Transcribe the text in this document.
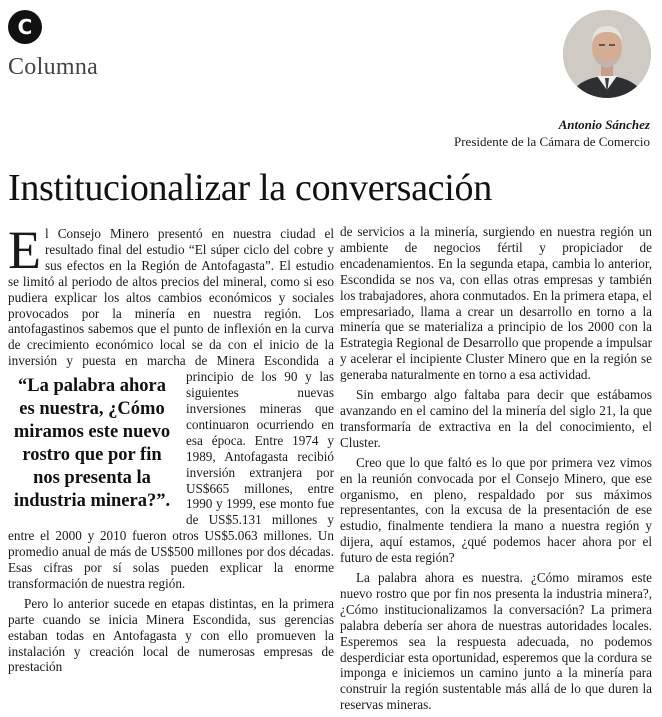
C
Columna
Antonio Sánchez
Presidente de la Cámara de Comercio
Institucionalizar la conversación

El Consejo Minero presentó en nuestra ciudad el resultado final del estudio “El súper ciclo del cobre y sus efectos en la Región de Antofagasta”. El estudio se limitó al periodo de altos precios del mineral, como si eso pudiera explicar los altos cambios económicos y sociales provocados por la minería en nuestra región. Los antofagastinos sabemos que el punto de inflexión en la curva de crecimiento económico local se da con el inicio de la inversión y puesta en marcha de Minera Escondida a principio
“La palabra ahora es nuestra, ¿Cómo miramos este nuevo rostro que por fin nos presenta la industria minera?”.
de los 90 y las siguientes nuevas inversiones mineras que continuaron ocurriendo en esa época. Entre 1974 y 1989, Antofagasta recibió inversión extranjera por US$665 millones, entre 1990 y 1999, ese monto fue de US$5.131 millones y entre el 2000 y 2010 fueron otros US$5.063 millones. Un promedio anual de más de US$500 millones por dos décadas. Esas cifras por sí solas pueden explicar la enorme transformación de nuestra región.

Pero lo anterior sucede en etapas distintas, en la primera parte cuando se inicia Minera Escondida, sus gerencias estaban todas en Antofagasta y con ello promueven la instalación y creación local de numerosas empresas de prestación

de servicios a la minería, surgiendo en nuestra región un ambiente de negocios fértil y propiciador de encadenamientos. En la segunda etapa, cambia lo anterior, Escondida se nos va, con ellas otras empresas y también los trabajadores, ahora conmutados. En la primera etapa, el empresariado, llama a crear un desarrollo en torno a la minería que se materializa a principio de los 2000 con la Estrategia Regional de Desarrollo que propende a impulsar y acelerar el incipiente Cluster Minero que en la región se generaba naturalmente en torno a esa actividad.

Sin embargo algo faltaba para decir que estábamos avanzando en el camino del la minería del siglo 21, la que transformaría de extractiva en la del conocimiento, el Cluster.

Creo que lo que faltó es lo que por primera vez vimos en la reunión convocada por el Consejo Minero, que ese organismo, en pleno, respaldado por sus máximos representantes, con la excusa de la presentación de ese estudio, finalmente tendiera la mano a nuestra región y dijera, aquí estamos, ¿qué podemos hacer ahora por el futuro de esta región?

La palabra ahora es nuestra. ¿Cómo miramos este nuevo rostro que por fin nos presenta la industria minera?, ¿Cómo institucionalizamos la conversación? La primera palabra debería ser ahora de nuestras autoridades locales. Esperemos sea la respuesta adecuada, no podemos desperdiciar esta oportunidad, esperemos que la cordura se imponga e iniciemos un camino junto a la minería para construir la región sustentable más allá de lo que duren la reservas mineras.
